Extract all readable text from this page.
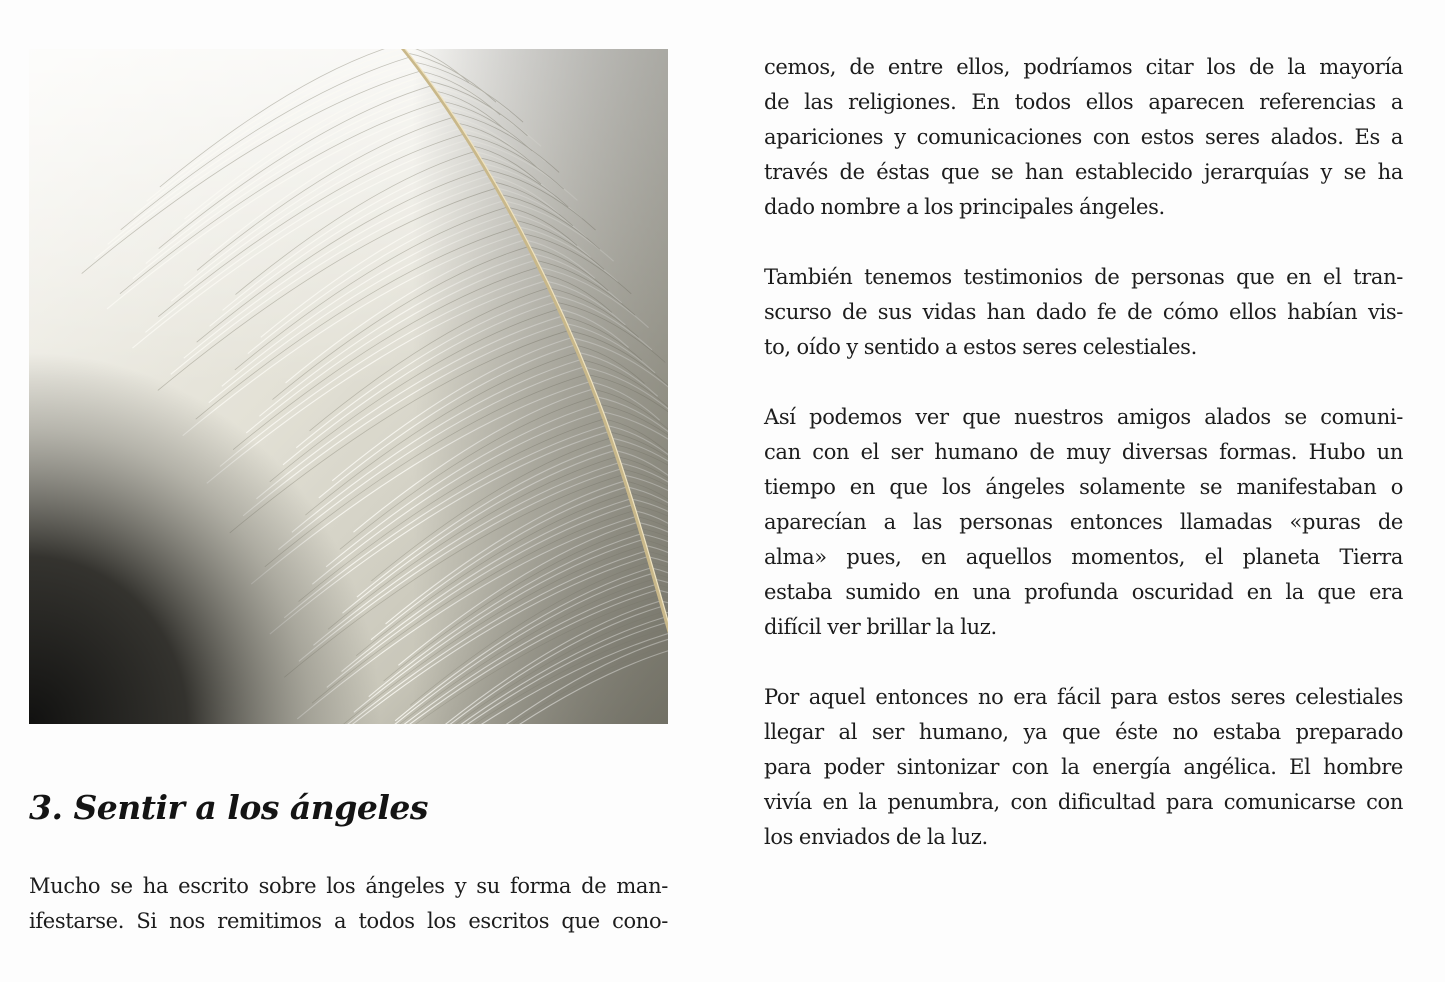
3. Sentir a los ángeles

Mucho se ha escrito sobre los ángeles y su forma de man-
ifestarse. Si nos remitimos a todos los escritos que cono-

cemos, de entre ellos, podríamos citar los de la mayoría
de las religiones. En todos ellos aparecen referencias a
apariciones y comunicaciones con estos seres alados. Es a
través de éstas que se han establecido jerarquías y se ha
dado nombre a los principales ángeles.

También tenemos testimonios de personas que en el tran-
scurso de sus vidas han dado fe de cómo ellos habían vis-
to, oído y sentido a estos seres celestiales.

Así podemos ver que nuestros amigos alados se comuni-
can con el ser humano de muy diversas formas. Hubo un
tiempo en que los ángeles solamente se manifestaban o
aparecían a las personas entonces llamadas «puras de
alma» pues, en aquellos momentos, el planeta Tierra
estaba sumido en una profunda oscuridad en la que era
difícil ver brillar la luz.

Por aquel entonces no era fácil para estos seres celestiales
llegar al ser humano, ya que éste no estaba preparado
para poder sintonizar con la energía angélica. El hombre
vivía en la penumbra, con dificultad para comunicarse con
los enviados de la luz.
